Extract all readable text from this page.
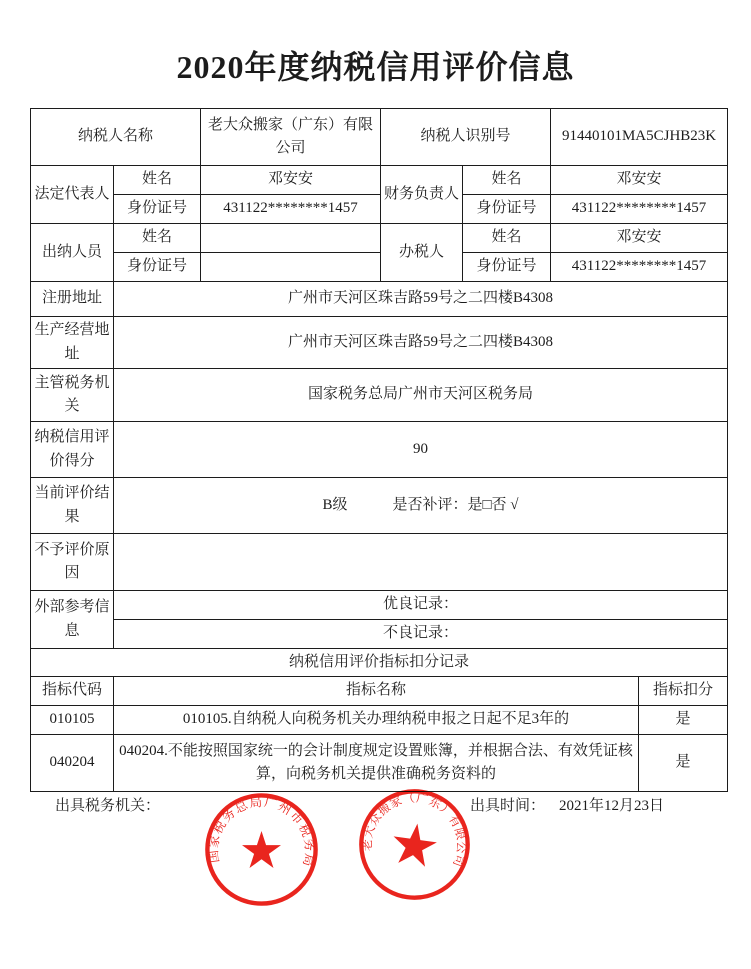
2020年度纳税信用评价信息
纳税人名称		老大众搬家（广东）有限公司	纳税人识别号		91440101MA5CJHB23K	
法定代表人	姓名	邓安安	财务负责人	姓名	邓安安	
	身份证号	431122********1457		身份证号	431122********1457	
出纳人员	姓名		办税人	姓名	邓安安	
	身份证号			身份证号	431122********1457	
注册地址	广州市天河区珠吉路59号之二四楼B4308					
生产经营地址	广州市天河区珠吉路59号之二四楼B4308					
主管税务机关	国家税务总局广州市天河区税务局					
纳税信用评价得分	90					
当前评价结果	B级　　　是否补评：是□否 √					
不予评价原因						
外部参考信息	优良记录：					
	不良记录：					
纳税信用评价指标扣分记录						
指标代码	指标名称					指标扣分
010105	010105.自纳税人向税务机关办理纳税申报之日起不足3年的					是
040204	040204.不能按照国家统一的会计制度规定设置账簿，并根据合法、有效凭证核算，向税务机关提供准确税务资料的					是
出具税务机关：	出具时间： 2021年12月23日
国家税务总局广州市税务局
老大众搬家（广东）有限公司
